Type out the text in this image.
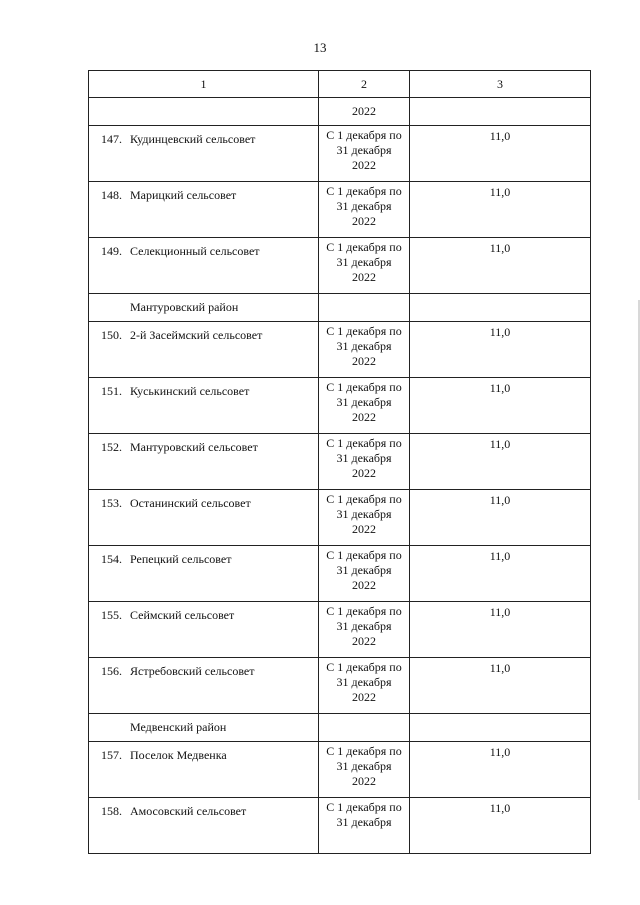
13
1	2	3
	2022	

147. Кудинцевский сельсовет	С 1 декабря по
31 декабря
2022	11,0

148. Марицкий сельсовет	С 1 декабря по
31 декабря
2022	11,0

149. Селекционный сельсовет	С 1 декабря по
31 декабря
2022	11,0

Мантуровский район		

150. 2-й Засеймский сельсовет	С 1 декабря по
31 декабря
2022	11,0

151. Куськинский сельсовет	С 1 декабря по
31 декабря
2022	11,0

152. Мантуровский сельсовет	С 1 декабря по
31 декабря
2022	11,0

153. Останинский сельсовет	С 1 декабря по
31 декабря
2022	11,0

154. Репецкий сельсовет	С 1 декабря по
31 декабря
2022	11,0

155. Сеймский сельсовет	С 1 декабря по
31 декабря
2022	11,0

156. Ястребовский сельсовет	С 1 декабря по
31 декабря
2022	11,0

Медвенский район		

157. Поселок Медвенка	С 1 декабря по
31 декабря
2022	11,0

158. Амосовский сельсовет	С 1 декабря по
31 декабря	11,0
